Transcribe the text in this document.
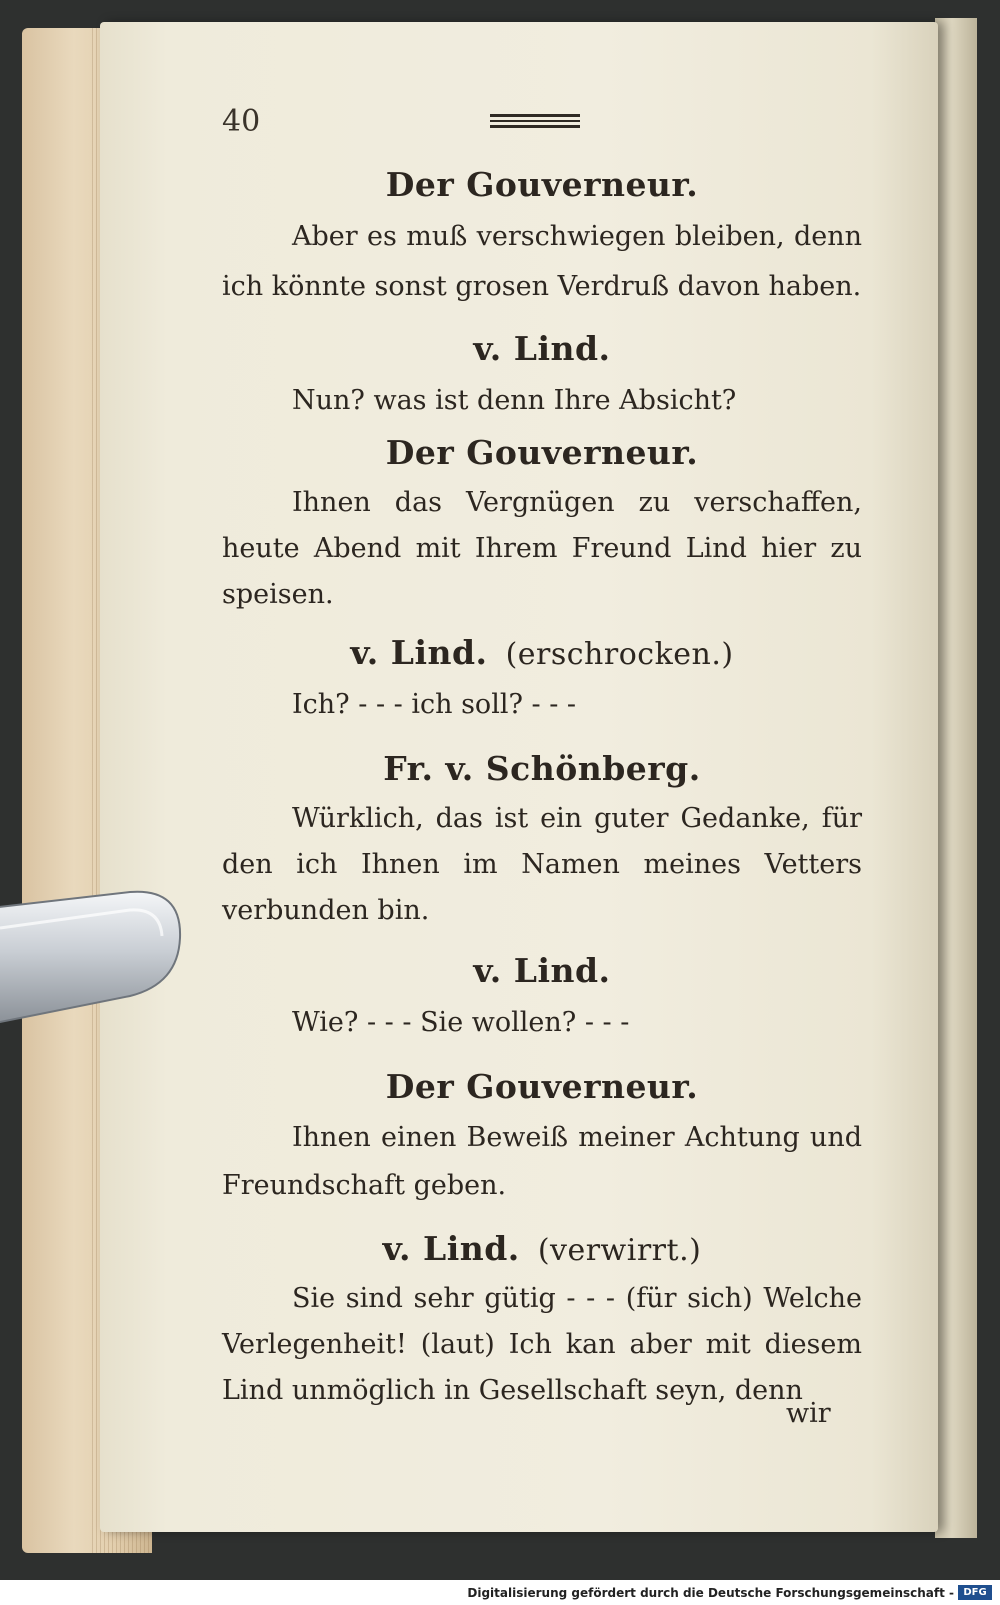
40
Der Gouverneur.

Aber es muß verschwiegen bleiben, denn ich könnte sonst grosen Verdruß davon haben.

v. Lind.

Nun? was ist denn Ihre Absicht?

Der Gouverneur.

Ihnen das Vergnügen zu verschaffen, heute Abend mit Ihrem Freund Lind hier zu speisen.

v. Lind. (erschrocken.)

Ich? - - - ich soll? - - -

Fr. v. Schönberg.

Würklich, das ist ein guter Gedanke, für den ich Ihnen im Namen meines Vetters verbunden bin.

v. Lind.

Wie? - - - Sie wollen? - - -

Der Gouverneur.

Ihnen einen Beweiß meiner Achtung und Freundschaft geben.

v. Lind. (verwirrt.)

Sie sind sehr gütig - - - (für sich) Welche Verlegenheit! (laut) Ich kan aber mit diesem Lind unmöglich in Gesellschaft seyn, denn

wir
Digitalisierung gefördert durch die Deutsche Forschungsgemeinschaft - DFG
